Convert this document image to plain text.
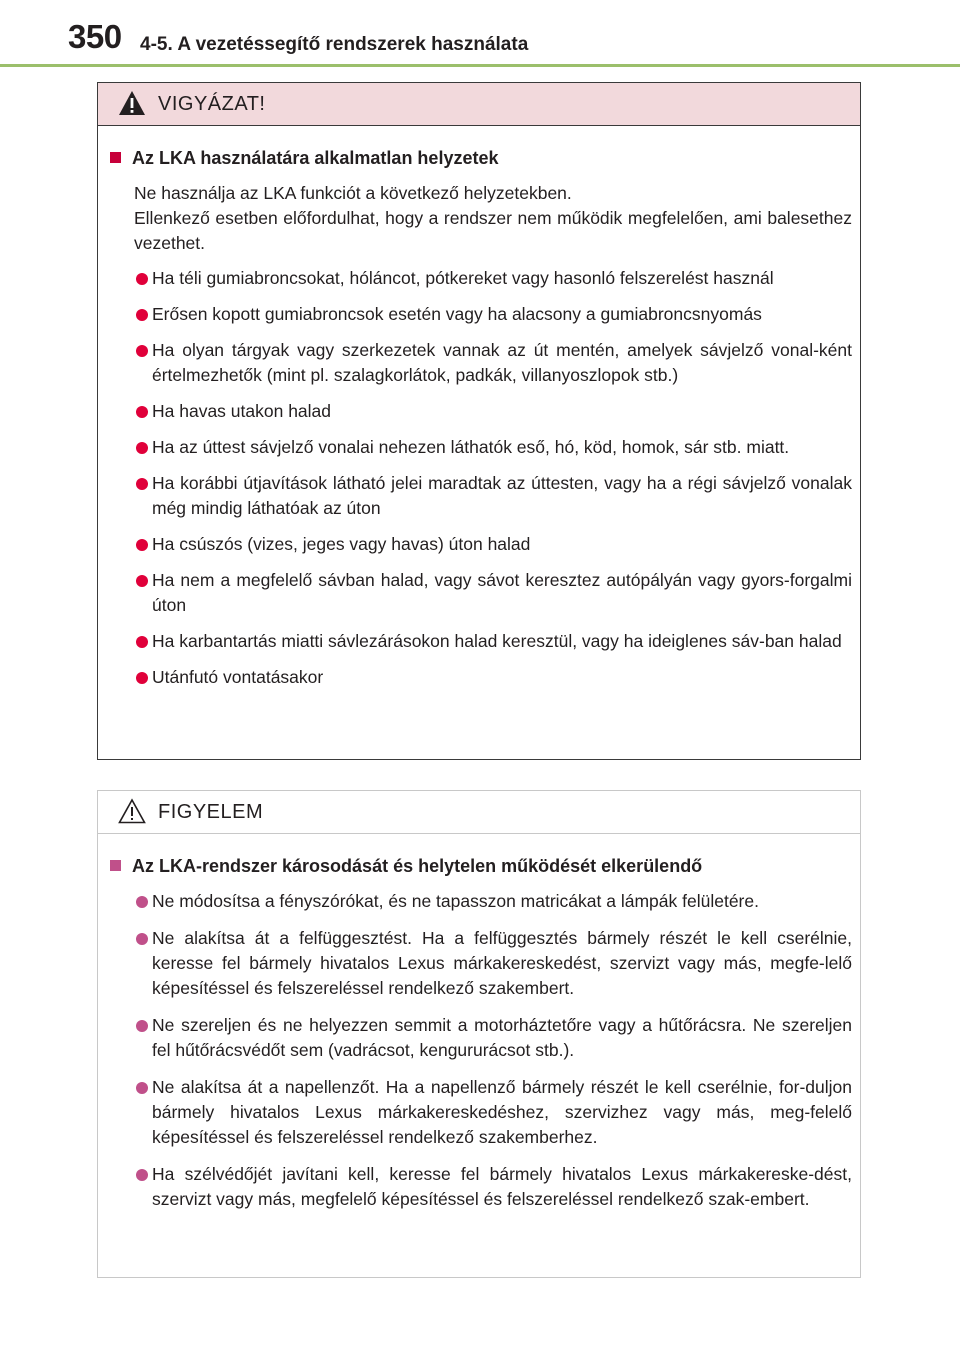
350 4-5. A vezetéssegítő rendszerek használata
VIGYÁZAT!
Az LKA használatára alkalmatlan helyzetek
Ne használja az LKA funkciót a következő helyzetekben.
Ellenkező esetben előfordulhat, hogy a rendszer nem működik megfelelően, ami balesethez vezethet.
Ha téli gumiabroncsokat, hóláncot, pótkereket vagy hasonló felszerelést használ
Erősen kopott gumiabroncsok esetén vagy ha alacsony a gumiabroncsnyomás
Ha olyan tárgyak vagy szerkezetek vannak az út mentén, amelyek sávjelző vonal-ként értelmezhetők (mint pl. szalagkorlátok, padkák, villanyoszlopok stb.)
Ha havas utakon halad
Ha az úttest sávjelző vonalai nehezen láthatók eső, hó, köd, homok, sár stb. miatt.
Ha korábbi útjavítások látható jelei maradtak az úttesten, vagy ha a régi sávjelző vonalak még mindig láthatóak az úton
Ha csúszós (vizes, jeges vagy havas) úton halad
Ha nem a megfelelő sávban halad, vagy sávot keresztez autópályán vagy gyors-forgalmi úton
Ha karbantartás miatti sávlezárásokon halad keresztül, vagy ha ideiglenes sáv-ban halad
Utánfutó vontatásakor
FIGYELEM
Az LKA-rendszer károsodását és helytelen működését elkerülendő
Ne módosítsa a fényszórókat, és ne tapasszon matricákat a lámpák felületére.
Ne alakítsa át a felfüggesztést. Ha a felfüggesztés bármely részét le kell cserélnie, keresse fel bármely hivatalos Lexus márkakereskedést, szervizt vagy más, megfe-lelő képesítéssel és felszereléssel rendelkező szakembert.
Ne szereljen és ne helyezzen semmit a motorháztetőre vagy a hűtőrácsra. Ne szereljen fel hűtőrácsvédőt sem (vadrácsot, kengururácsot stb.).
Ne alakítsa át a napellenzőt. Ha a napellenző bármely részét le kell cserélnie, for-duljon bármely hivatalos Lexus márkakereskedéshez, szervizhez vagy más, meg-felelő képesítéssel és felszereléssel rendelkező szakemberhez.
Ha szélvédőjét javítani kell, keresse fel bármely hivatalos Lexus márkakereske-dést, szervizt vagy más, megfelelő képesítéssel és felszereléssel rendelkező szak-embert.
